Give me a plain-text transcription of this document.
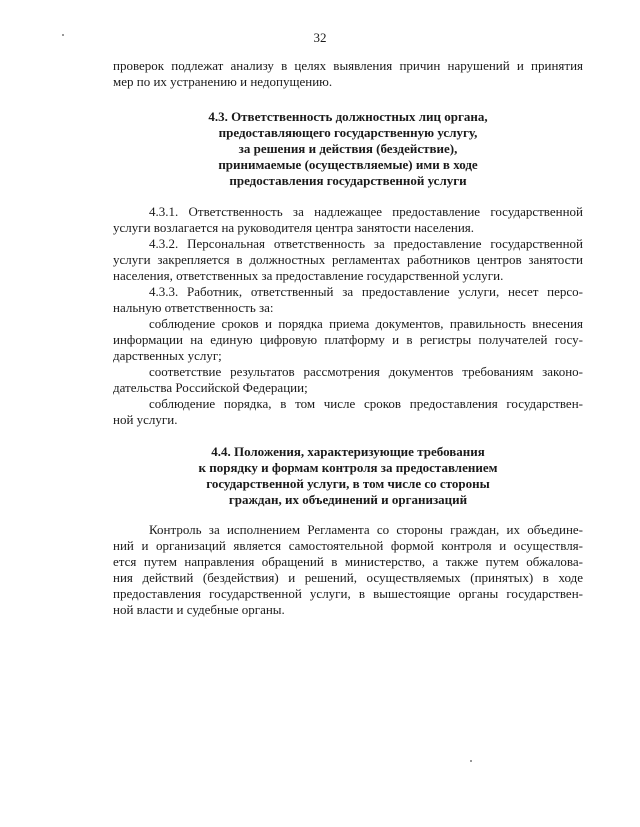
32
проверок подлежат анализу в целях выявления причин нарушений и принятия
мер по их устранению и недопущению.
4.3. Ответственность должностных лиц органа,
предоставляющего государственную услугу,
за решения и действия (бездействие),
принимаемые (осуществляемые) ими в ходе
предоставления государственной услуги
4.3.1. Ответственность за надлежащее предоставление государственной
услуги возлагается на руководителя центра занятости населения.
4.3.2. Персональная ответственность за предоставление государственной
услуги закрепляется в должностных регламентах работников центров занятости
населения, ответственных за предоставление государственной услуги.
4.3.3. Работник, ответственный за предоставление услуги, несет персо-
нальную ответственность за:
соблюдение сроков и порядка приема документов, правильность внесения
информации на единую цифровую платформу и в регистры получателей госу-
дарственных услуг;
соответствие результатов рассмотрения документов требованиям законо-
дательства Российской Федерации;
соблюдение порядка, в том числе сроков предоставления государствен-
ной услуги.
4.4. Положения, характеризующие требования
к порядку и формам контроля за предоставлением
государственной услуги, в том числе со стороны
граждан, их объединений и организаций
Контроль за исполнением Регламента со стороны граждан, их объедине-
ний и организаций является самостоятельной формой контроля и осуществля-
ется путем направления обращений в министерство, а также путем обжалова-
ния действий (бездействия) и решений, осуществляемых (принятых) в ходе
предоставления государственной услуги, в вышестоящие органы государствен-
ной власти и судебные органы.
